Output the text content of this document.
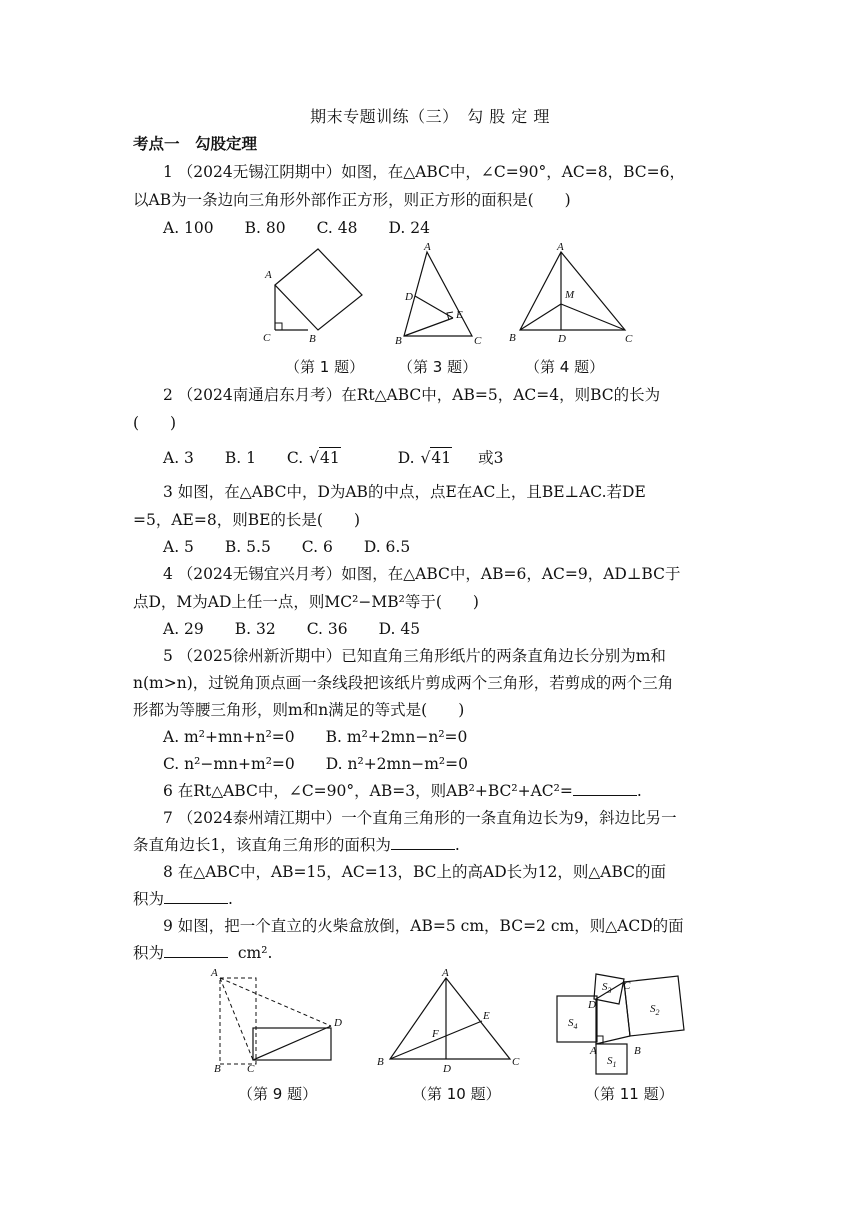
期末专题训练（三）　勾 股 定 理
考点一　勾股定理
1 （2024无锡江阴期中）如图，在△ABC中，∠C=90°，AC=8，BC=6，
以AB为一条边向三角形外部作正方形，则正方形的面积是(　　)
A. 100　　B. 80　　C. 48　　D. 24
A
B
C
A
D
E
B	C
A
M
B	D	C
（第 1 题） （第 3 题）	（第 4 题）
2 （2024南通启东月考）在Rt△ABC中，AB=5，AC=4，则BC的长为
(　　)
A. 3 B. 1 C. √41	D. √41 或3
3 如图，在△ABC中，D为AB的中点，点E在AC上，且BE⊥AC.若DE
=5，AE=8，则BE的长是(　　)
A. 5　　B. 5.5　　C. 6　　D. 6.5
4 （2024无锡宜兴月考）如图，在△ABC中，AB=6，AC=9，AD⊥BC于
点D，M为AD上任一点，则MC²−MB²等于(　　)
A. 29　　B. 32　　C. 36　　D. 45
5 （2025徐州新沂期中）已知直角三角形纸片的两条直角边长分别为m和
n(m>n)，过锐角顶点画一条线段把该纸片剪成两个三角形，若剪成的两个三角
形都为等腰三角形，则m和n满足的等式是(　　)
A. m²+mn+n²=0　　B. m²+2mn−n²=0
C. n²−mn+m²=0　　D. n²+2mn−m²=0
6 在Rt△ABC中，∠C=90°，AB=3，则AB²+BC²+AC²=	.
7 （2024泰州靖江期中）一个直角三角形的一条直角边长为9，斜边比另一
条直角边长1，该直角三角形的面积为	.
8 在△ABC中，AB=15，AC=13，BC上的高AD长为12，则△ABC的面
积为	.
9 如图，把一个直立的火柴盒放倒，AB=5 cm，BC=2 cm，则△ACD的面
积为	cm².
A
D
B C
A
E
F
B
D
C
$S_3$ C
D	$S_2$
$S_4$
A	B
$S_1$
（第 9 题）	（第 10 题）	（第 11 题）
